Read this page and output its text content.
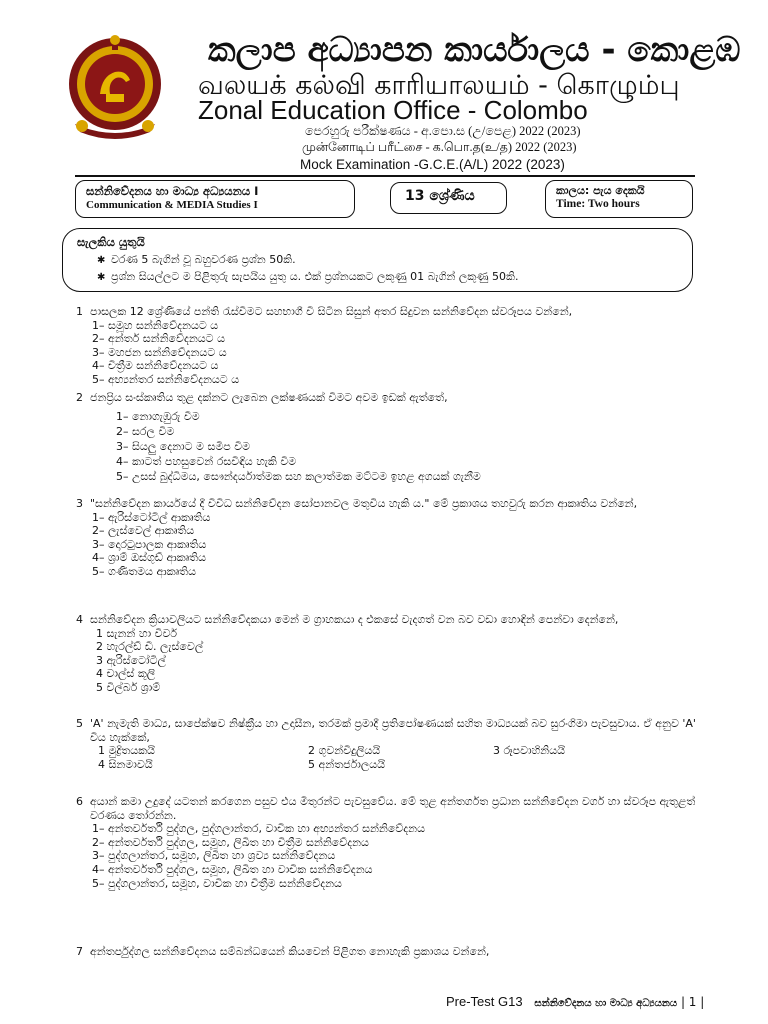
කලාප අධ්‍යාපන කාර්යාලය - කොළඹ
வலயக் கல்வி காரியாலயம் - கொழும்பு
Zonal Education Office - Colombo
පෙරහුරු පරීක්ෂණය - අ.පො.ස (උ/පෙළ) 2022 (2023)
முன்னோடிப் பரீட்சை - க.பொ.த(உ/த) 2022 (2023)
Mock Examination -G.C.E.(A/L) 2022 (2023)
සන්නිවේදනය හා මාධ්‍ය අධ්‍යයනය I
Communication & MEDIA Studies I
13 ශ්‍රේණිය	කාලය: පැය දෙකයි
Time: Two hours
සැලකිය යුතුයි
✱ වරණ 5 බැගින් වූ බහුවරණ ප්‍රශ්න 50කි.
✱ ප්‍රශ්න සියල්ලට ම පිළිතුරු සැපයිය යුතු ය. එක් ප්‍රශ්නයකට ලකුණු 01 බැගින් ලකුණු 50කි.
1 පාසලක 12 ශ්‍රේණියේ පන්ති රැස්වීමට සහභාගී වී සිටින සිසුන් අතර සිදුවන සන්නිවේදන ස්වරූපය වන්නේ,
1– සමූහ සන්නිවේදනයට ය
2– අන්තර් සන්නිවේදනයට ය
3– මහජන සන්නිවේදනයට ය
4– චිත්‍රීම සන්නිවේදනයට ය
5– අභ්‍යන්තර සන්නිවේදනයට ය
2 ජනප්‍රිය සංස්කෘතිය තුළ දක්නට ලැබෙන ලක්ෂණයක් වීමට අවම ඉඩක් ඇත්තේ,
1– නොගැඹුරු වීම
2– සරල වීම
3– සියලු දෙනාට ම සමීප වීම
4– කාටත් පහසුවෙන් රසවිඳිය හැකි වීම
5– උසස් බුද්ධිමය, සෞන්දර්යාත්මක සහ කලාත්මක මට්ටම ඉහළ අගයක් ගැනීම
3 "සන්නිවේදන කාර්යයේ දී විවිධ සන්නිවේදන සෝපානවල මතුවිය හැකි ය." මේ ප්‍රකාශය තහවුරු කරන ආකෘතිය වන්නේ,
1– ඇරිස්ටෝටිල් ආකෘතිය
2– ලැස්වෙල් ආකෘතිය
3– දොරටුපාලක ආකෘතිය
4– ශ්‍රාම් ඔස්ගුඩ් ආකෘතිය
5– ගණිතමය ආකෘතිය
4 සන්නිවේදන ක්‍රියාවලියට සන්නිවේදකයා මෙන් ම ග්‍රාහකයා ද එකසේ වැදගත් වන බව වඩා හොඳින් පෙන්වා දෙන්නේ,
1 සැනන් හා වීවර්
2 හැරල්ඩ් ඩී. ලැස්වෙල්
3 ඇරිස්ටෝටිල්
4 චාල්ස් කූලි
5 විල්බර් ශ්‍රාම්
5 'A' නැමැති මාධ්‍ය, සාපේක්ෂව නිෂ්ක්‍රීය හා උදාසීන, තරමක් ප්‍රමාදී ප්‍රතිපෝෂණයක් සහිත මාධ්‍යයක් බව සුරංගිමා පැවසුවාය. ඒ අනුව 'A' විය හැක්කේ,
1 මුද්‍රිතයකයි	2 ගුවන්විදුලියයි	3 රූපවාහිනියයි
4 සිනමාවයි	5 අන්තර්ජාලයයි
6 අයාන් කමා උදුදේ යටතන් කරගෙන පසුව එය මිතුරන්ට පැවසුවේය. මේ තුළ අන්තර්ගත ප්‍රධාන සන්නිවේදන වර්ග හා ස්වරූප ඇතුළත් වරණය තෝරන්න.
1– අන්තර්වර්ති පුද්ගල, පුද්ගලාන්තර, වාචික හා අභ්‍යන්තර සන්නිවේදනය
2– අන්තර්වර්ති පුද්ගල, සමූහ, ලිඛිත හා චිත්‍රීම සන්නිවේදනය
3– පුද්ගලාන්තර, සමූහ, ලිඛිත හා ශ්‍රව්‍ය සන්නිවේදනය
4– අන්තර්වර්ති පුද්ගල, සමූහ, ලිඛිත හා වාචික සන්නිවේදනය
5– පුද්ගලාන්තර, සමූහ, වාචික හා චිත්‍රීම සන්නිවේදනය
7 අන්තර්පුද්ගල සන්නිවේදනය සම්බන්ධයෙන් කියවෙන් පිළිගත නොහැකි ප්‍රකාශය වන්නේ,
Pre-Test G13 සන්නිවේදනය හා මාධ්‍ය අධ්‍යයනය | 1 |
